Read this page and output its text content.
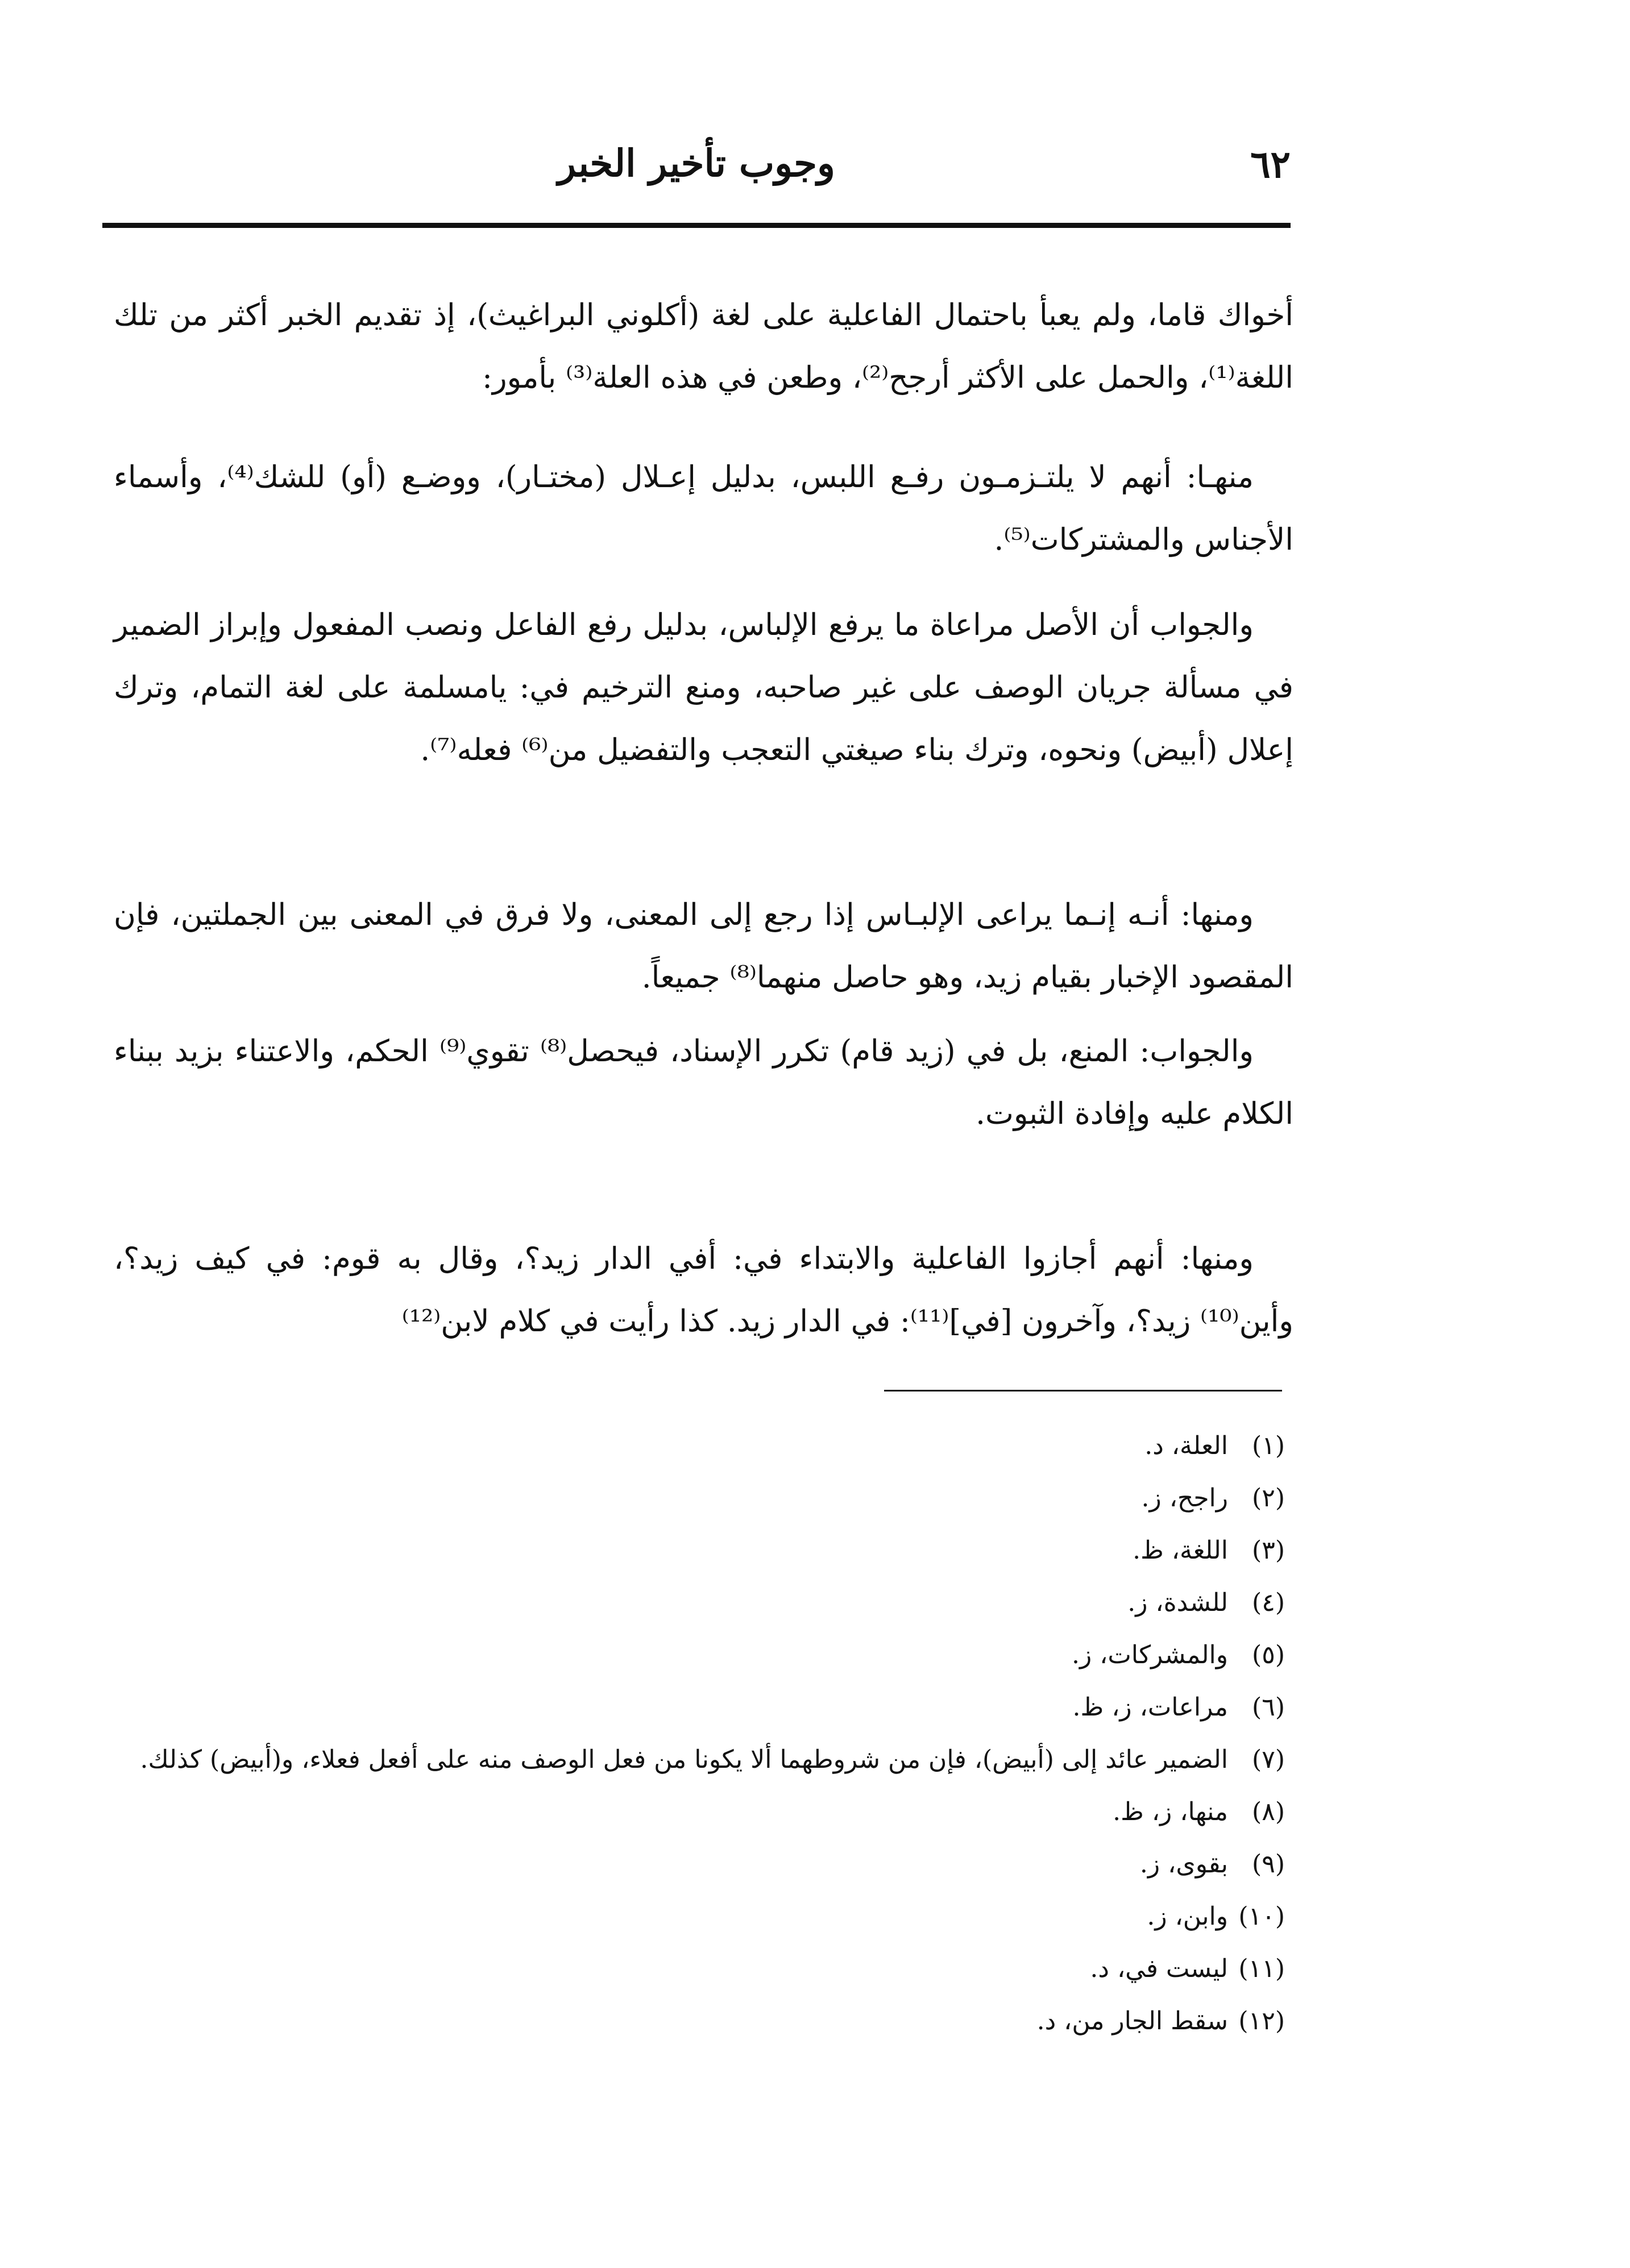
٦٢
وجوب تأخير الخبر

أخواك قاما، ولم يعبأ باحتمال الفاعلية على لغة (أكلوني البراغيث)، إذ تقديم الخبر أكثر من تلك اللغة⁽¹⁾، والحمل على الأكثر أرجح⁽²⁾، وطعن في هذه العلة⁽³⁾ بأمور:

منهـا: أنهم لا يلتـزمـون رفـع اللبس، بدليل إعـلال (مختـار)، ووضـع (أو) للشك⁽⁴⁾، وأسماء الأجناس والمشتركات⁽⁵⁾.

والجواب أن الأصل مراعاة ما يرفع الإلباس، بدليل رفع الفاعل ونصب المفعول وإبراز الضمير في مسألة جريان الوصف على غير صاحبه، ومنع الترخيم في: يامسلمة على لغة التمام، وترك إعلال (أبيض) ونحوه، وترك بناء صيغتي التعجب والتفضيل من⁽⁶⁾ فعله⁽⁷⁾.

ومنها: أنـه إنـما يراعى الإلبـاس إذا رجع إلى المعنى، ولا فرق في المعنى بين الجملتين، فإن المقصود الإخبار بقيام زيد، وهو حاصل منهما⁽⁸⁾ جميعاً.

والجواب: المنع، بل في (زيد قام) تكرر الإسناد، فيحصل⁽⁸⁾ تقوي⁽⁹⁾ الحكم، والاعتناء بزيد ببناء الكلام عليه وإفادة الثبوت.

ومنها: أنهم أجازوا الفاعلية والابتداء في: أفي الدار زيد؟، وقال به قوم: في كيف زيد؟، وأين⁽¹⁰⁾ زيد؟، وآخرون [في]⁽¹¹⁾: في الدار زيد. كذا رأيت في كلام لابن⁽¹²⁾

(١)
العلة، د.
(٢)
راجح، ز.
(٣)
اللغة، ظ.
(٤)
للشدة، ز.
(٥)
والمشركات، ز.
(٦)
مراعات، ز، ظ.
(٧)
الضمير عائد إلى (أبيض)، فإن من شروطهما ألا يكونا من فعل الوصف منه على أفعل فعلاء، و(أبيض) كذلك.
(٨)
منها، ز، ظ.
(٩)
بقوى، ز.
(١٠)
وابن، ز.
(١١)
ليست في، د.
(١٢)
سقط الجار من، د.
